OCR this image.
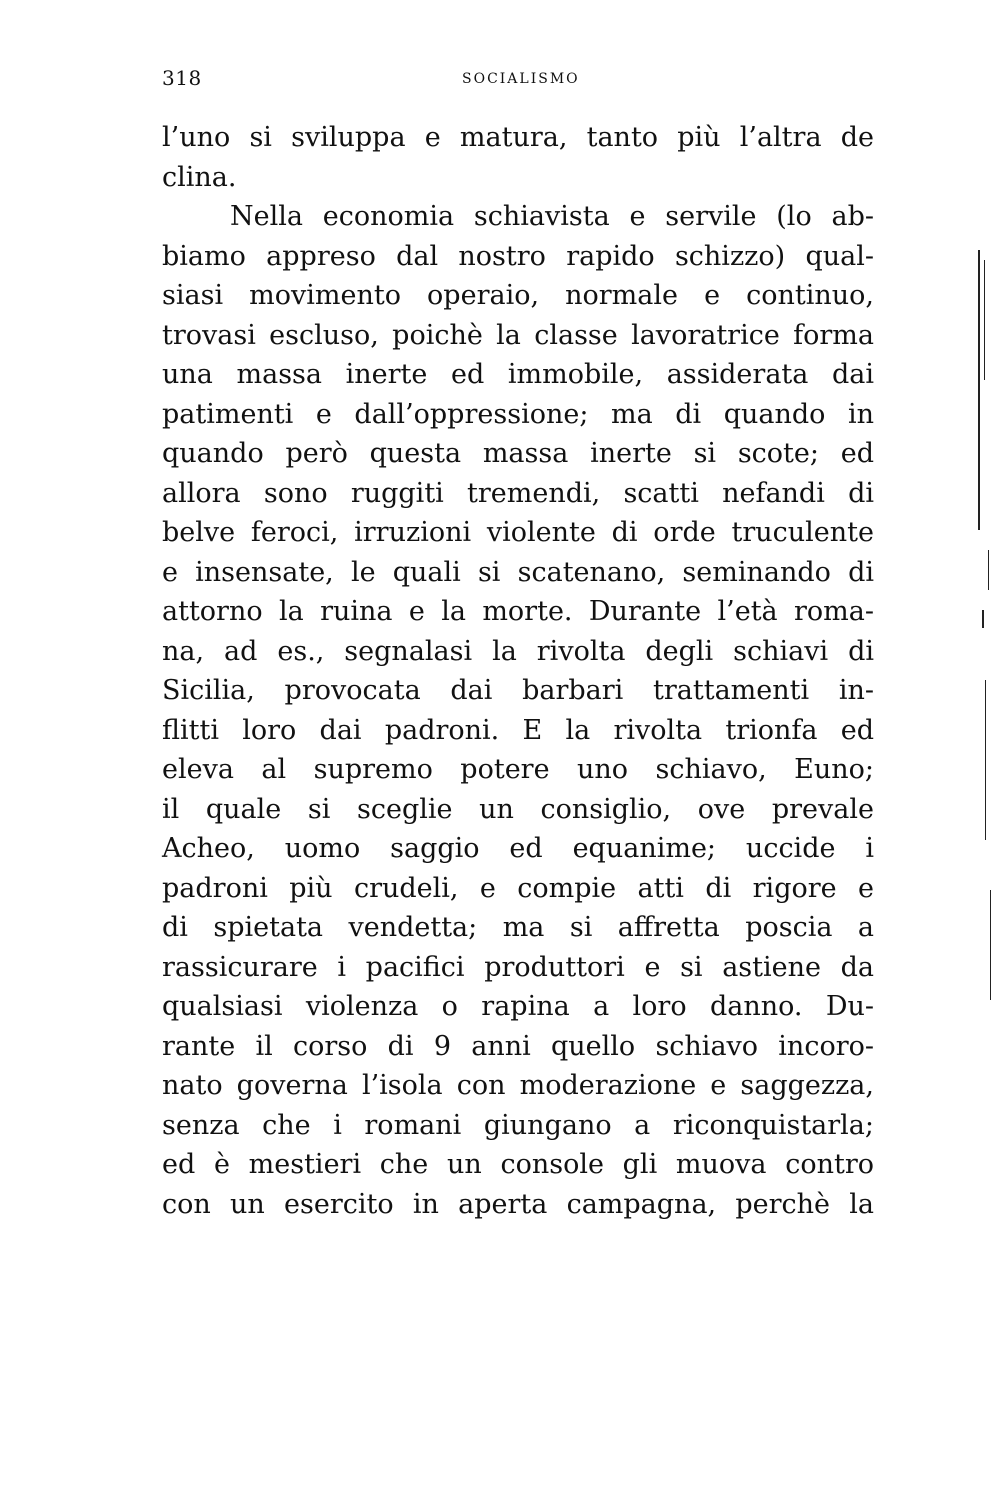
318	SOCIALISMO
l’uno si sviluppa e matura, tanto più l’altra de
clina.
Nella economia schiavista e servile (lo ab-
biamo appreso dal nostro rapido schizzo) qual-
siasi movimento operaio, normale e continuo,
trovasi escluso, poichè la classe lavoratrice forma
una massa inerte ed immobile, assiderata dai
patimenti e dall’oppressione; ma di quando in
quando però questa massa inerte si scote; ed
allora sono ruggiti tremendi, scatti nefandi di
belve feroci, irruzioni violente di orde truculente
e insensate, le quali si scatenano, seminando di
attorno la ruina e la morte. Durante l’età roma-
na, ad es., segnalasi la rivolta degli schiavi di
Sicilia, provocata dai barbari trattamenti in-
flitti loro dai padroni. E la rivolta trionfa ed
eleva al supremo potere uno schiavo, Euno;
il quale si sceglie un consiglio, ove prevale
Acheo, uomo saggio ed equanime; uccide i
padroni più crudeli, e compie atti di rigore e
di spietata vendetta; ma si affretta poscia a
rassicurare i pacifici produttori e si astiene da
qualsiasi violenza o rapina a loro danno. Du-
rante il corso di 9 anni quello schiavo incoro-
nato governa l’isola con moderazione e saggezza,
senza che i romani giungano a riconquistarla;
ed è mestieri che un console gli muova contro
con un esercito in aperta campagna, perchè la
